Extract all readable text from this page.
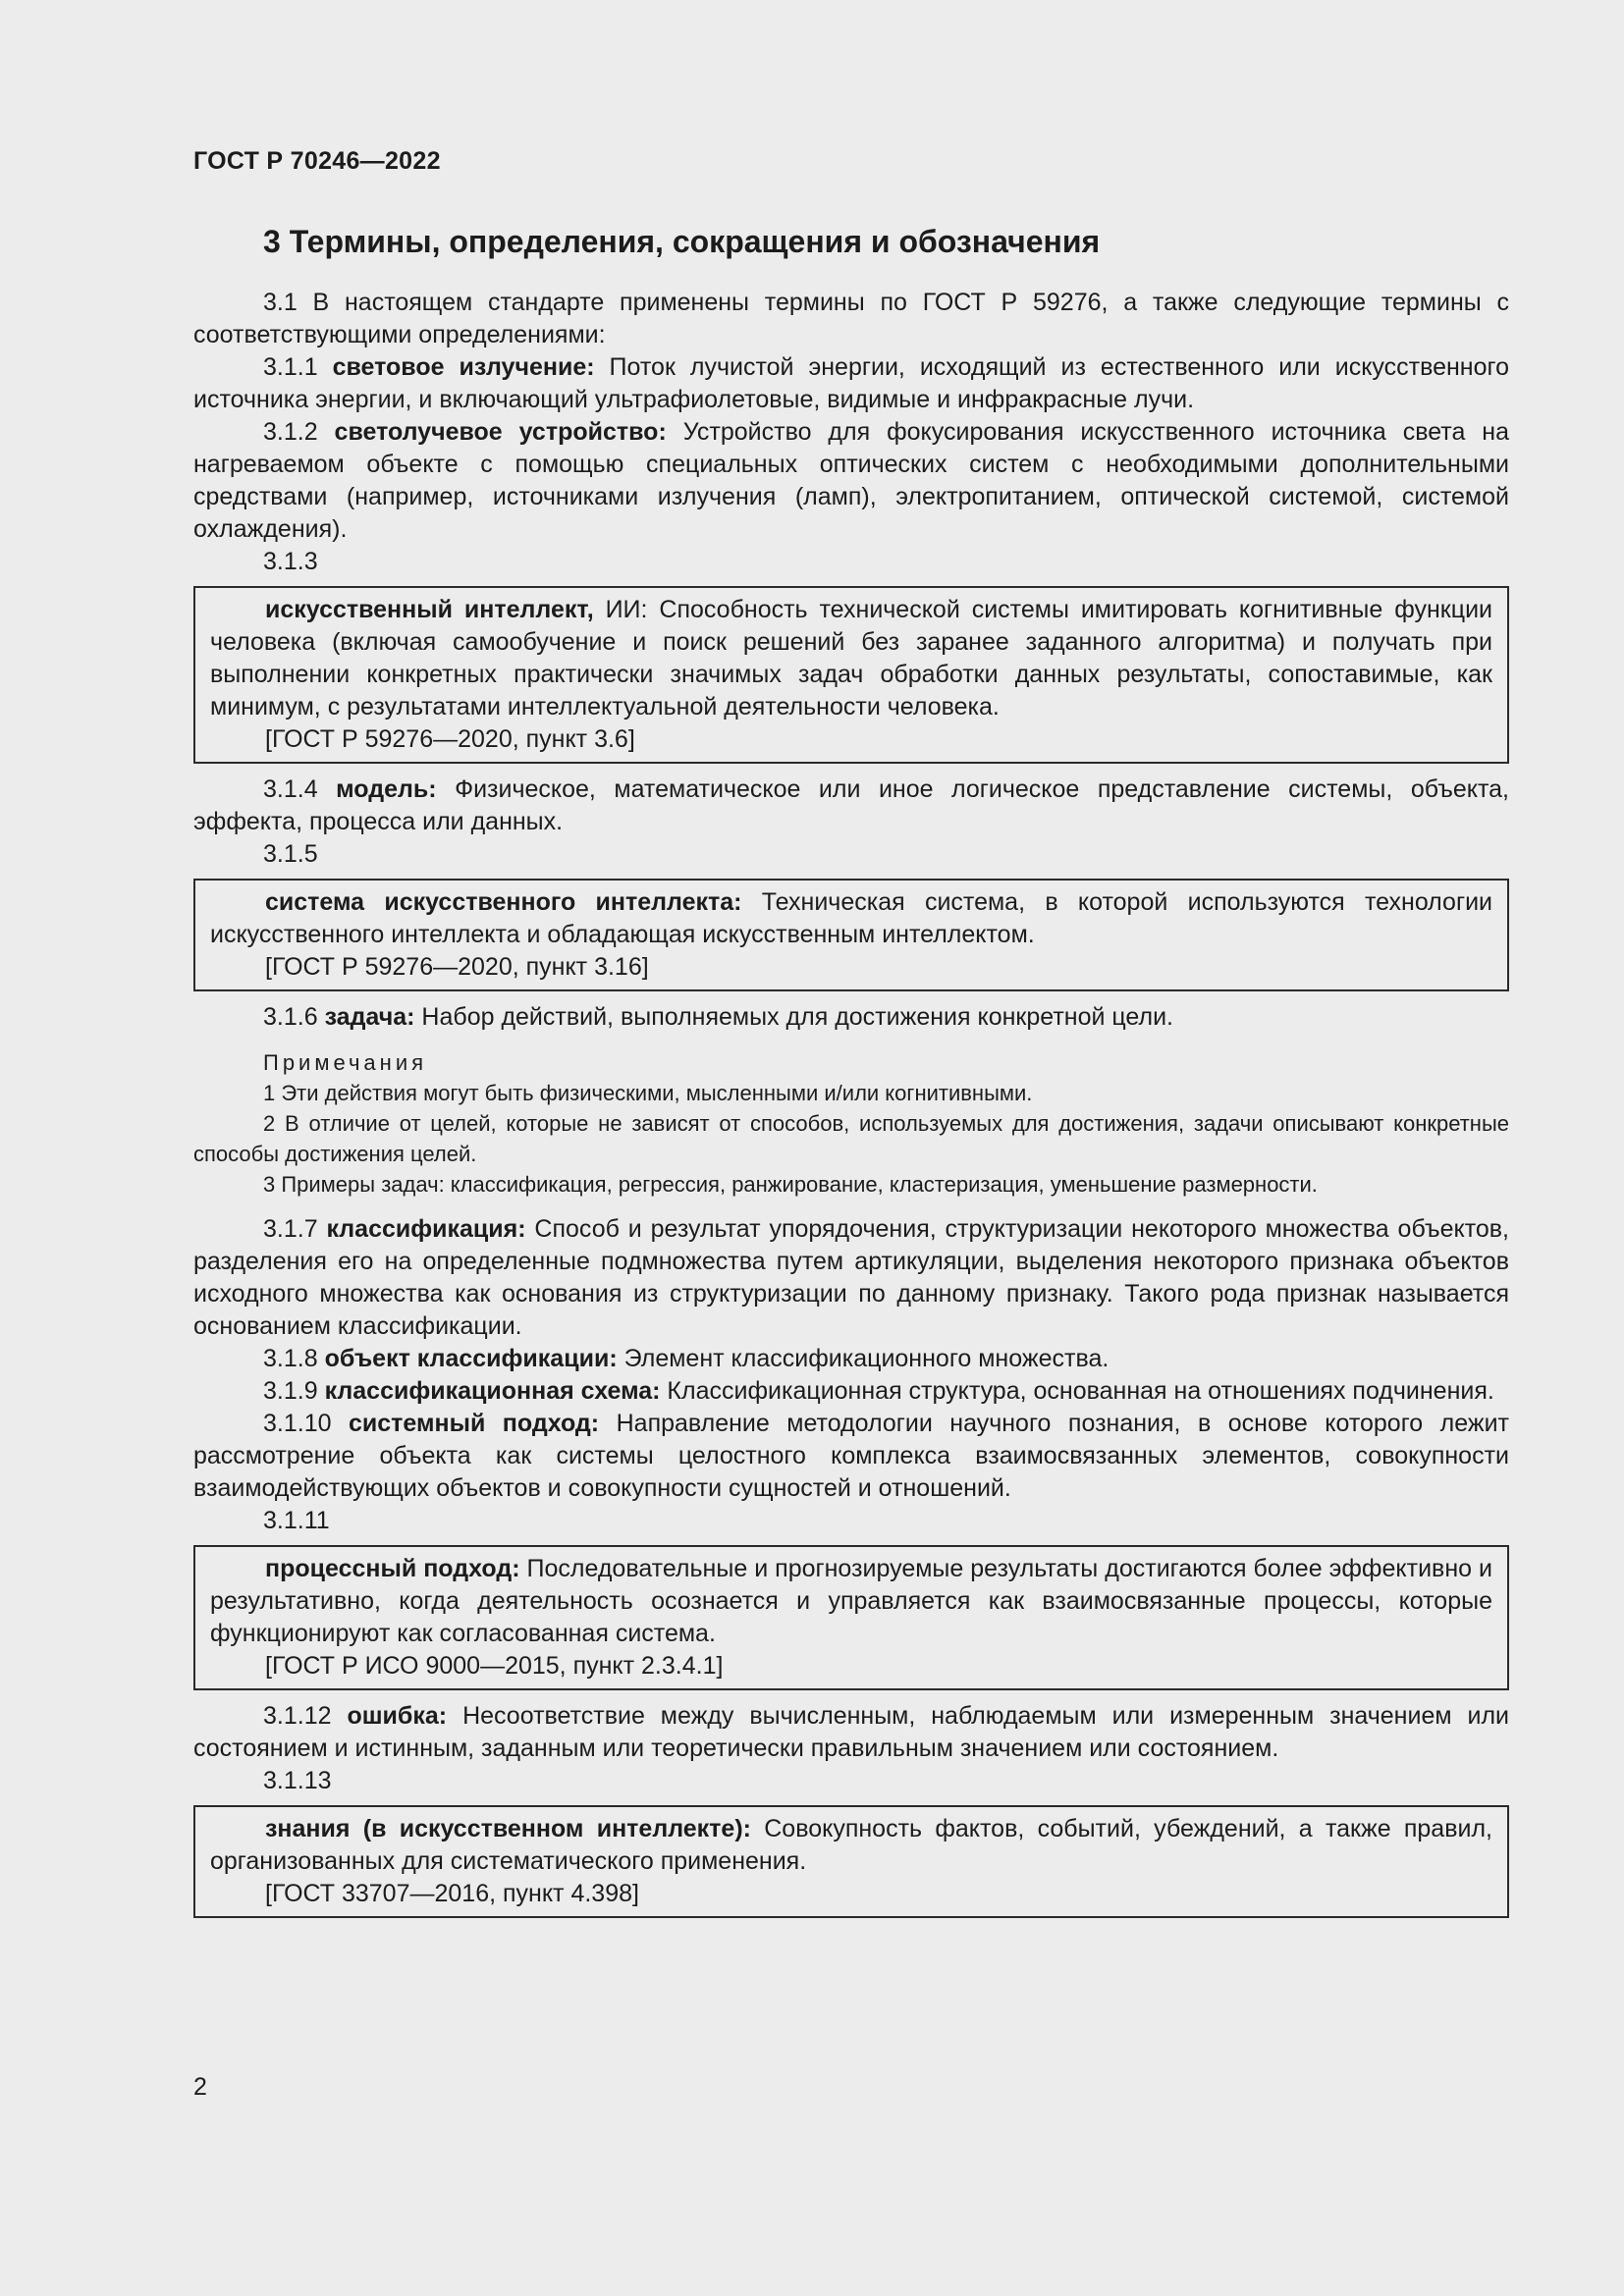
ГОСТ Р 70246—2022
3 Термины, определения, сокращения и обозначения

3.1 В настоящем стандарте применены термины по ГОСТ Р 59276, а также следующие термины с соответствующими определениями:

3.1.1 световое излучение: Поток лучистой энергии, исходящий из естественного или искусственного источника энергии, и включающий ультрафиолетовые, видимые и инфракрасные лучи.

3.1.2 светолучевое устройство: Устройство для фокусирования искусственного источника света на нагреваемом объекте с помощью специальных оптических систем с необходимыми дополнительными средствами (например, источниками излучения (ламп), электропитанием, оптической системой, системой охлаждения).

3.1.3

искусственный интеллект, ИИ: Способность технической системы имитировать когнитивные функции человека (включая самообучение и поиск решений без заранее заданного алгоритма) и получать при выполнении конкретных практически значимых задач обработки данных результаты, сопоставимые, как минимум, с результатами интеллектуальной деятельности человека.

[ГОСТ Р 59276—2020, пункт 3.6]

3.1.4 модель: Физическое, математическое или иное логическое представление системы, объекта, эффекта, процесса или данных.

3.1.5

система искусственного интеллекта: Техническая система, в которой используются технологии искусственного интеллекта и обладающая искусственным интеллектом.

[ГОСТ Р 59276—2020, пункт 3.16]

3.1.6 задача: Набор действий, выполняемых для достижения конкретной цели.

Примечания

1 Эти действия могут быть физическими, мысленными и/или когнитивными.

2 В отличие от целей, которые не зависят от способов, используемых для достижения, задачи описывают конкретные способы достижения целей.

3 Примеры задач: классификация, регрессия, ранжирование, кластеризация, уменьшение размерности.

3.1.7 классификация: Способ и результат упорядочения, структуризации некоторого множества объектов, разделения его на определенные подмножества путем артикуляции, выделения некоторого признака объектов исходного множества как основания из структуризации по данному признаку. Такого рода признак называется основанием классификации.

3.1.8 объект классификации: Элемент классификационного множества.

3.1.9 классификационная схема: Классификационная структура, основанная на отношениях подчинения.

3.1.10 системный подход: Направление методологии научного познания, в основе которого лежит рассмотрение объекта как системы целостного комплекса взаимосвязанных элементов, совокупности взаимодействующих объектов и совокупности сущностей и отношений.

3.1.11

процессный подход: Последовательные и прогнозируемые результаты достигаются более эффективно и результативно, когда деятельность осознается и управляется как взаимосвязанные процессы, которые функционируют как согласованная система.

[ГОСТ Р ИСО 9000—2015, пункт 2.3.4.1]

3.1.12 ошибка: Несоответствие между вычисленным, наблюдаемым или измеренным значением или состоянием и истинным, заданным или теоретически правильным значением или состоянием.

3.1.13

знания (в искусственном интеллекте): Совокупность фактов, событий, убеждений, а также правил, организованных для систематического применения.

[ГОСТ 33707—2016, пункт 4.398]

2
